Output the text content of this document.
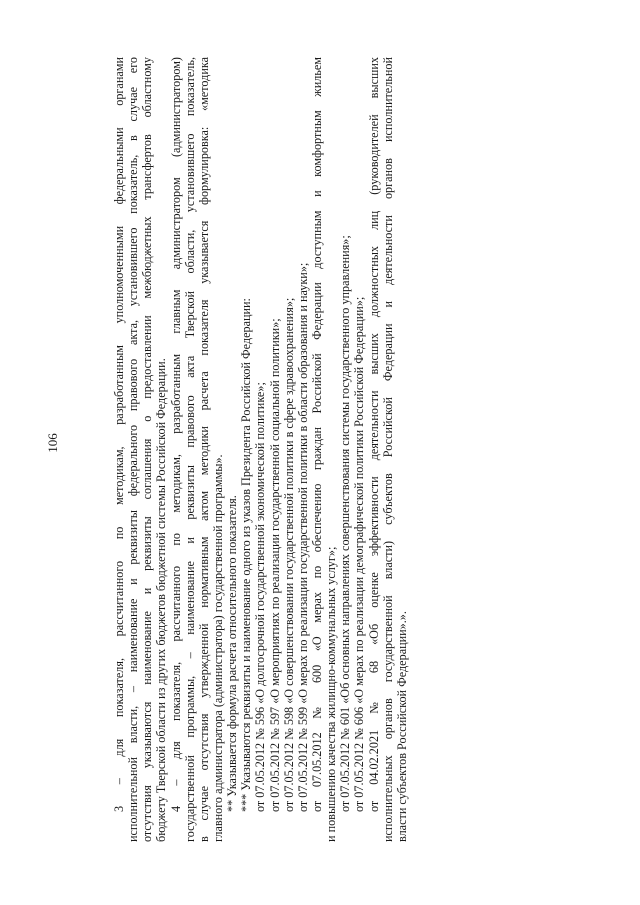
106	3 – для показателя, рассчитанного по методикам, разработанным уполномоченными федеральными органами исполнительной власти, – наименование и реквизиты федерального правового акта, установившего показатель, в случае его отсутствия указываются наименование и реквизиты соглашения о предоставлении межбюджетных трансфертов областному бюджету Тверской области из других бюджетов бюджетной системы Российской Федерации. 4 – для показателя, рассчитанного по методикам, разработанным главным администратором (администратором) государственной программы, – наименование и реквизиты правового акта Тверской области, установившего показатель, в случае отсутствия утвержденной нормативным актом методики расчета показателя указывается формулировка: «методика главного администратора (администратора) государственной программы». ** Указывается формула расчета относительного показателя. *** Указываются реквизиты и наименование одного из указов Президента Российской Федерации: от 07.05.2012 № 596 «О долгосрочной государственной экономической политике»; от 07.05.2012 № 597 «О мероприятиях по реализации государственной социальной политики»; от 07.05.2012 № 598 «О совершенствовании государственной политики в сфере здравоохранения»; от 07.05.2012 № 599 «О мерах по реализации государственной политики в области образования и науки»; от 07.05.2012 № 600 «О мерах по обеспечению граждан Российской Федерации доступным и комфортным жильем и повышению качества жилищно-коммунальных услуг»; от 07.05.2012 № 601 «Об основных направлениях совершенствования системы государственного управления»; от 07.05.2012 № 606 «О мерах по реализации демографической политики Российской Федерации»; от 04.02.2021 № 68 «Об оценке эффективности деятельности высших должностных лиц (руководителей высших исполнительных органов государственной власти) субъектов Российской Федерации и деятельности органов исполнительной власти субъектов Российской Федерации».».
